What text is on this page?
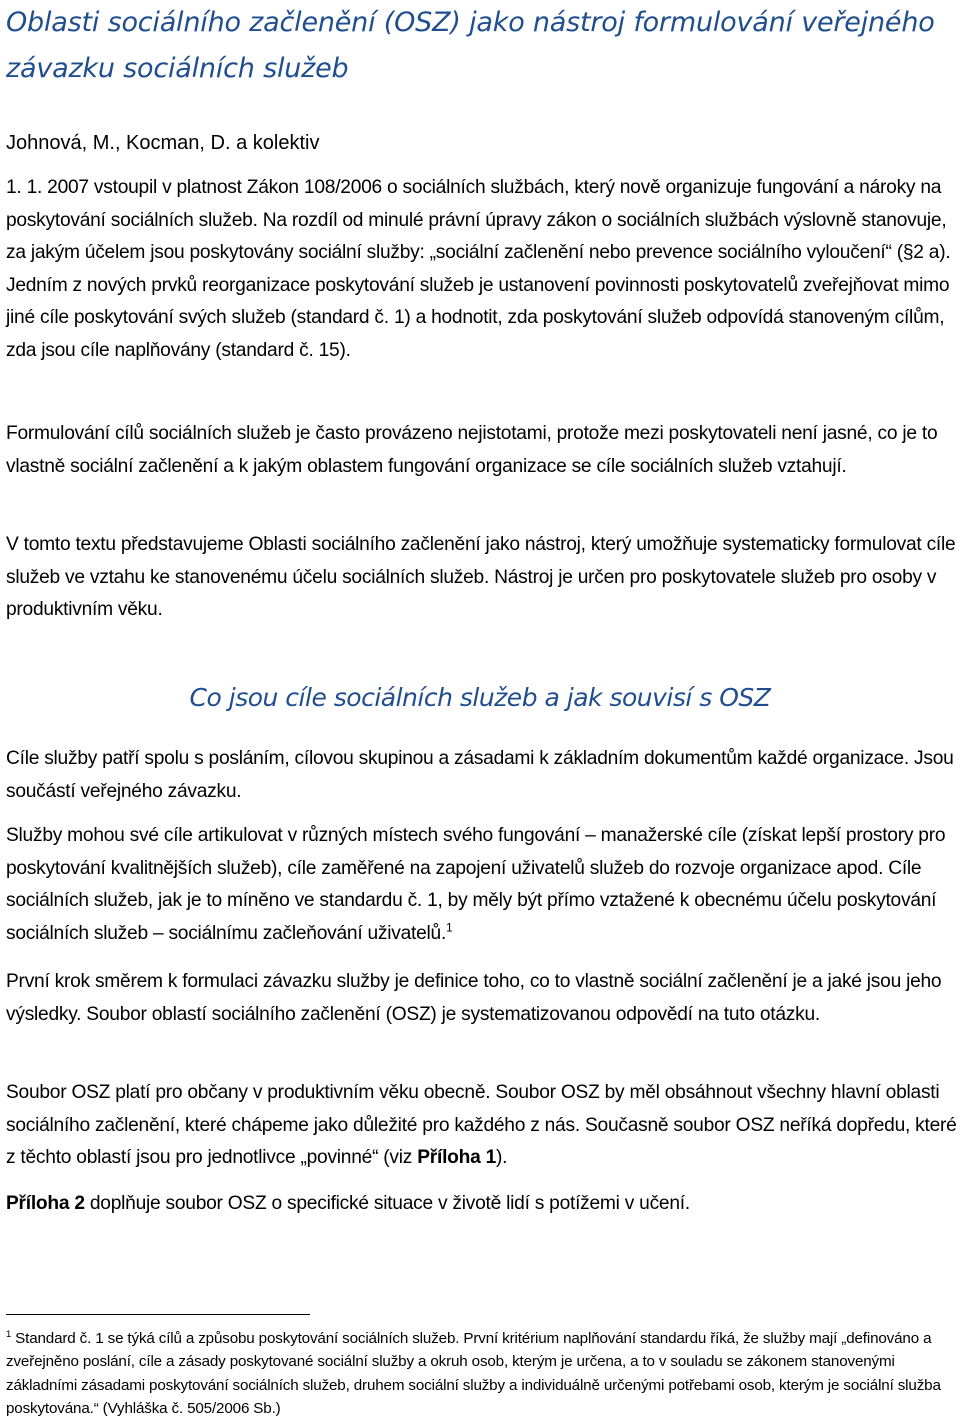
Oblasti sociálního začlenění (OSZ) jako nástroj formulování veřejného závazku sociálních služeb
Johnová, M., Kocman, D. a kolektiv

1. 1. 2007 vstoupil v platnost Zákon 108/2006 o sociálních službách, který nově organizuje fungování a nároky na poskytování sociálních služeb. Na rozdíl od minulé právní úpravy zákon o sociálních službách výslovně stanovuje, za jakým účelem jsou poskytovány sociální služby: „sociální začlenění nebo prevence sociálního vyloučení“ (§2 a). Jedním z nových prvků reorganizace poskytování služeb je ustanovení povinnosti poskytovatelů zveřejňovat mimo jiné cíle poskytování svých služeb (standard č. 1) a hodnotit, zda poskytování služeb odpovídá stanoveným cílům, zda jsou cíle naplňovány (standard č. 15).

Formulování cílů sociálních služeb je často provázeno nejistotami, protože mezi poskytovateli není jasné, co je to vlastně sociální začlenění a k jakým oblastem fungování organizace se cíle sociálních služeb vztahují.

V tomto textu představujeme Oblasti sociálního začlenění jako nástroj, který umožňuje systematicky formulovat cíle služeb ve vztahu ke stanovenému účelu sociálních služeb. Nástroj je určen pro poskytovatele služeb pro osoby v produktivním věku.

Co jsou cíle sociálních služeb a jak souvisí s OSZ

Cíle služby patří spolu s posláním, cílovou skupinou a zásadami k základním dokumentům každé organizace. Jsou součástí veřejného závazku.

Služby mohou své cíle artikulovat v různých místech svého fungování – manažerské cíle (získat lepší prostory pro poskytování kvalitnějších služeb), cíle zaměřené na zapojení uživatelů služeb do rozvoje organizace apod. Cíle sociálních služeb, jak je to míněno ve standardu č. 1, by měly být přímo vztažené k obecnému účelu poskytování sociálních služeb – sociálnímu začleňování uživatelů.$^1$

První krok směrem k formulaci závazku služby je definice toho, co to vlastně sociální začlenění je a jaké jsou jeho výsledky. Soubor oblastí sociálního začlenění (OSZ) je systematizovanou odpovědí na tuto otázku.

Soubor OSZ platí pro občany v produktivním věku obecně. Soubor OSZ by měl obsáhnout všechny hlavní oblasti sociálního začlenění, které chápeme jako důležité pro každého z nás. Současně soubor OSZ neříká dopředu, které z těchto oblastí jsou pro jednotlivce „povinné“ (viz Příloha 1).

Příloha 2 doplňuje soubor OSZ o specifické situace v životě lidí s potížemi v učení.

$^1$ Standard č. 1 se týká cílů a způsobu poskytování sociálních služeb. První kritérium naplňování standardu říká, že služby mají „definováno a zveřejněno poslání, cíle a zásady poskytované sociální služby a okruh osob, kterým je určena, a to v souladu se zákonem stanovenými základními zásadami poskytování sociálních služeb, druhem sociální služby a individuálně určenými potřebami osob, kterým je sociální služba poskytována.“ (Vyhláška č. 505/2006 Sb.)
